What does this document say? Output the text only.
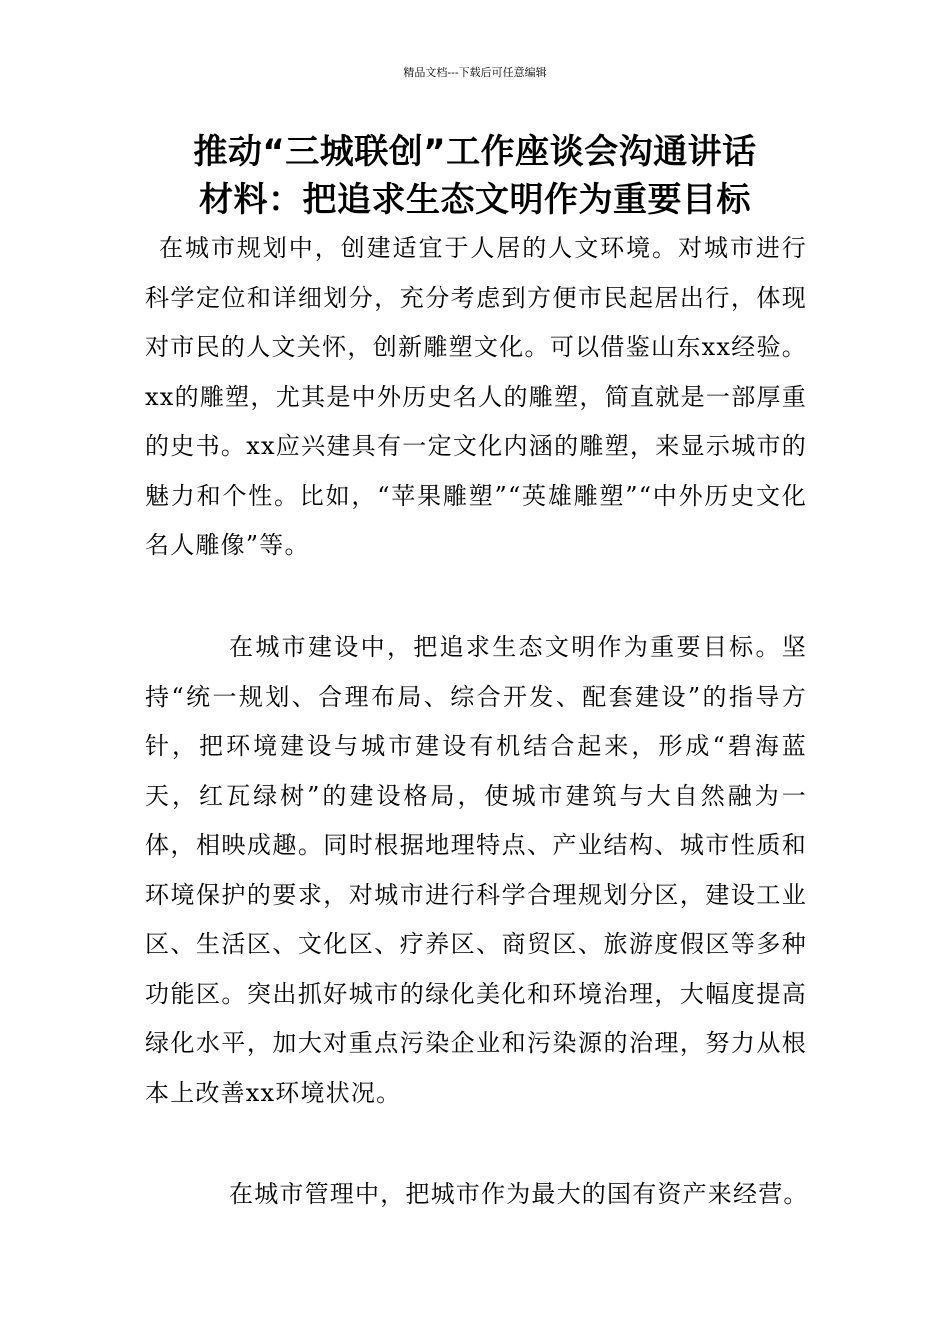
精品文档---下载后可任意编辑
推动“三城联创”工作座谈会沟通讲话
材料：把追求生态文明作为重要目标

在城市规划中，创建适宜于人居的人文环境。对城市进行科学定位和详细划分，充分考虑到方便市民起居出行，体现对市民的人文关怀，创新雕塑文化。可以借鉴山东xx经验。xx的雕塑，尤其是中外历史名人的雕塑，简直就是一部厚重的史书。xx应兴建具有一定文化内涵的雕塑，来显示城市的魅力和个性。比如，“苹果雕塑”“英雄雕塑”“中外历史文化名人雕像”等。

在城市建设中，把追求生态文明作为重要目标。坚持“统一规划、合理布局、综合开发、配套建设”的指导方针，把环境建设与城市建设有机结合起来，形成“碧海蓝天，红瓦绿树”的建设格局，使城市建筑与大自然融为一体，相映成趣。同时根据地理特点、产业结构、城市性质和环境保护的要求，对城市进行科学合理规划分区，建设工业区、生活区、文化区、疗养区、商贸区、旅游度假区等多种功能区。突出抓好城市的绿化美化和环境治理，大幅度提高绿化水平，加大对重点污染企业和污染源的治理，努力从根本上改善xx环境状况。

在城市管理中，把城市作为最大的国有资产来经营。
